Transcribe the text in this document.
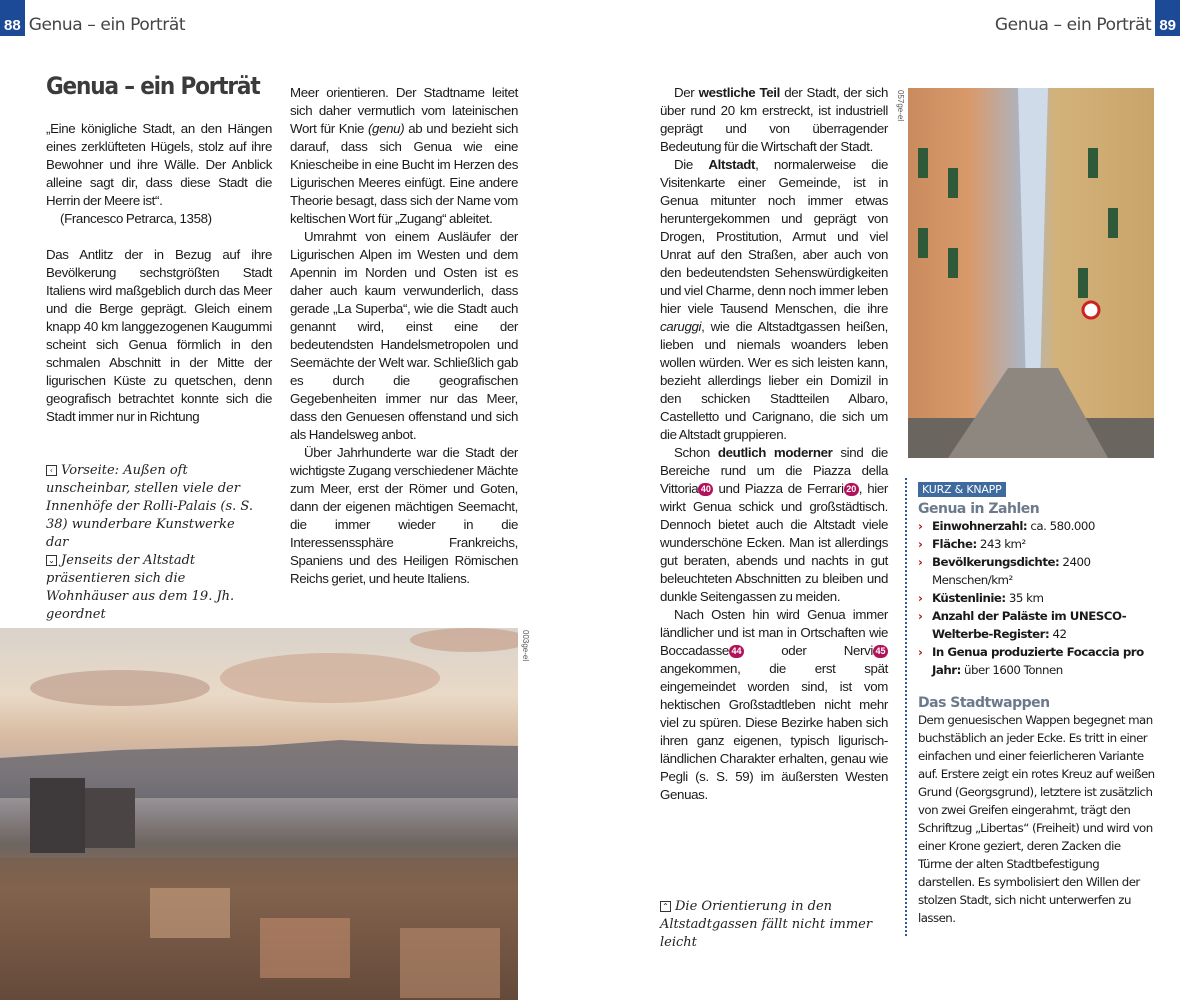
88 Genua – ein Porträt
Genua – ein Porträt

„Eine königliche Stadt, an den Hängen eines zerklüfteten Hügels, stolz auf ihre Bewohner und ihre Wälle. Der Anblick alleine sagt dir, dass diese Stadt die Herrin der Meere ist“.

(Francesco Petrarca, 1358)

Das Antlitz der in Bezug auf ihre Bevölkerung sechstgrößten Stadt Italiens wird maßgeblich durch das Meer und die Berge geprägt. Gleich einem knapp 40 km langgezogenen Kaugummi scheint sich Genua förmlich in den schmalen Abschnitt in der Mitte der ligurischen Küste zu quetschen, denn geografisch betrachtet konnte sich die Stadt immer nur in Richtung

Meer orientieren. Der Stadtname leitet sich daher vermutlich vom lateinischen Wort für Knie (genu) ab und bezieht sich darauf, dass sich Genua wie eine Kniescheibe in eine Bucht im Herzen des Ligurischen Meeres einfügt. Eine andere Theorie besagt, dass sich der Name vom keltischen Wort für „Zugang“ ableitet.

Umrahmt von einem Ausläufer der Ligurischen Alpen im Westen und dem Apennin im Norden und Osten ist es daher auch kaum verwunderlich, dass gerade „La Superba“, wie die Stadt auch genannt wird, einst eine der bedeutendsten Handelsmetropolen und Seemächte der Welt war. Schließlich gab es durch die geografischen Gegebenheiten immer nur das Meer, dass den Genuesen offenstand und sich als Handelsweg anbot.

Über Jahrhunderte war die Stadt der wichtigste Zugang verschiedener Mächte zum Meer, erst der Römer und Goten, dann der eigenen mächtigen Seemacht, die immer wieder in die Interessenssphäre Frankreichs, Spaniens und des Heiligen Römischen Reichs geriet, und heute Italiens.

‹ Vorseite: Außen oft unscheinbar, stellen viele der Innenhöfe der Rolli-Palais (s. S. 38) wunderbare Kunstwerke dar
⌄ Jenseits der Altstadt präsentieren sich die Wohnhäuser aus dem 19. Jh. geordnet
003ge-el
Genua – ein Porträt 89

Der westliche Teil der Stadt, der sich über rund 20 km erstreckt, ist industriell geprägt und von überragender Bedeutung für die Wirtschaft der Stadt.

Die Altstadt, normalerweise die Visitenkarte einer Gemeinde, ist in Genua mitunter noch immer etwas heruntergekommen und geprägt von Drogen, Prostitution, Armut und viel Unrat auf den Straßen, aber auch von den bedeutendsten Sehenswürdigkeiten und viel Charme, denn noch immer leben hier viele Tausend Menschen, die ihre caruggi, wie die Altstadtgassen heißen, lieben und niemals woanders leben wollen würden. Wer es sich leisten kann, bezieht allerdings lieber ein Domizil in den schicken Stadtteilen Albaro, Castelletto und Carignano, die sich um die Altstadt gruppieren.

Schon deutlich moderner sind die Bereiche rund um die Piazza della Vittoria 40 und Piazza de Ferrari 20 , hier wirkt Genua schick und großstädtisch. Dennoch bietet auch die Altstadt viele wunderschöne Ecken. Man ist allerdings gut beraten, abends und nachts in gut beleuchteten Abschnitten zu bleiben und dunkle Seitengassen zu meiden.

Nach Osten hin wird Genua immer ländlicher und ist man in Ortschaften wie Boccadasse 44 oder Nervi 45 angekommen, die erst spät eingemeindet worden sind, ist vom hektischen Großstadtleben nicht mehr viel zu spüren. Diese Bezirke haben sich ihren ganz eigenen, typisch ligurisch-ländlichen Charakter erhalten, genau wie Pegli (s. S. 59) im äußersten Westen Genuas.

⌃ Die Orientierung in den Altstadtgassen fällt nicht immer leicht
057ge-el
KURZ & KNAPP
Genua in Zahlen
› Einwohnerzahl: ca. 580.000
› Fläche: 243 km²
› Bevölkerungsdichte: 2400 Menschen/km²
› Küstenlinie: 35 km
› Anzahl der Paläste im UNESCO-Welterbe-Register: 42
› In Genua produzierte Focaccia pro Jahr: über 1600 Tonnen
Das Stadtwappen

Dem genuesischen Wappen begegnet man buchstäblich an jeder Ecke. Es tritt in einer einfachen und einer feierlicheren Variante auf. Erstere zeigt ein rotes Kreuz auf weißen Grund (Georgsgrund), letztere ist zusätzlich von zwei Greifen eingerahmt, trägt den Schriftzug „Libertas“ (Freiheit) und wird von einer Krone geziert, deren Zacken die Türme der alten Stadtbefestigung darstellen. Es symbolisiert den Willen der stolzen Stadt, sich nicht unterwerfen zu lassen.
